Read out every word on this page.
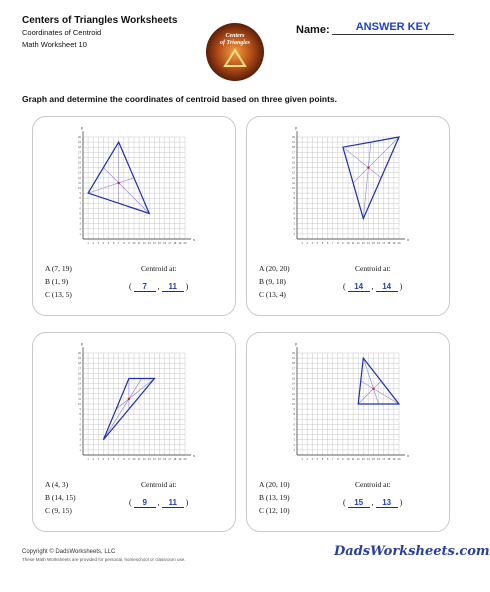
Centers of Triangles Worksheets
Coordinates of Centroid
Math Worksheet 10
Centers
of Triangles
Name:	ANSWER KEY
Graph and determine the coordinates of centroid based on three given points.
x
y
1
1
2
2
3
3
4
4
5
5
6
6
7
7
8
8
9
9
10
10
11
11
12
12
13
13
14
14
15
15
16
16
17
17
18
18
19
19
20
20
A (7, 19)
B (1, 9)
C (13, 5)
Centroid at:
( 7 , 11 )
x
y
1
1
2
2
3
3
4
4
5
5
6
6
7
7
8
8
9
9
10
10
11
11
12
12
13
13
14
14
15
15
16
16
17
17
18
18
19
19
20
20
A (20, 20)
B (9, 18)
C (13, 4)
Centroid at:
( 14 , 14 )
x
y
1
1
2
2
3
3
4
4
5
5
6
6
7
7
8
8
9
9
10
10
11
11
12
12
13
13
14
14
15
15
16
16
17
17
18
18
19
19
20
20
A (4, 3)
B (14, 15)
C (9, 15)
Centroid at:
( 9 , 11 )
x
y
1
1
2
2
3
3
4
4
5
5
6
6
7
7
8
8
9
9
10
10
11
11
12
12
13
13
14
14
15
15
16
16
17
17
18
18
19
19
20
20
A (20, 10)
B (13, 19)
C (12, 10)
Centroid at:
( 15 , 13 )
Copyright © DadsWorksheets, LLC
These Math Worksheets are provided for personal, homeschool or classroom use.
DadsWorksheets.com
